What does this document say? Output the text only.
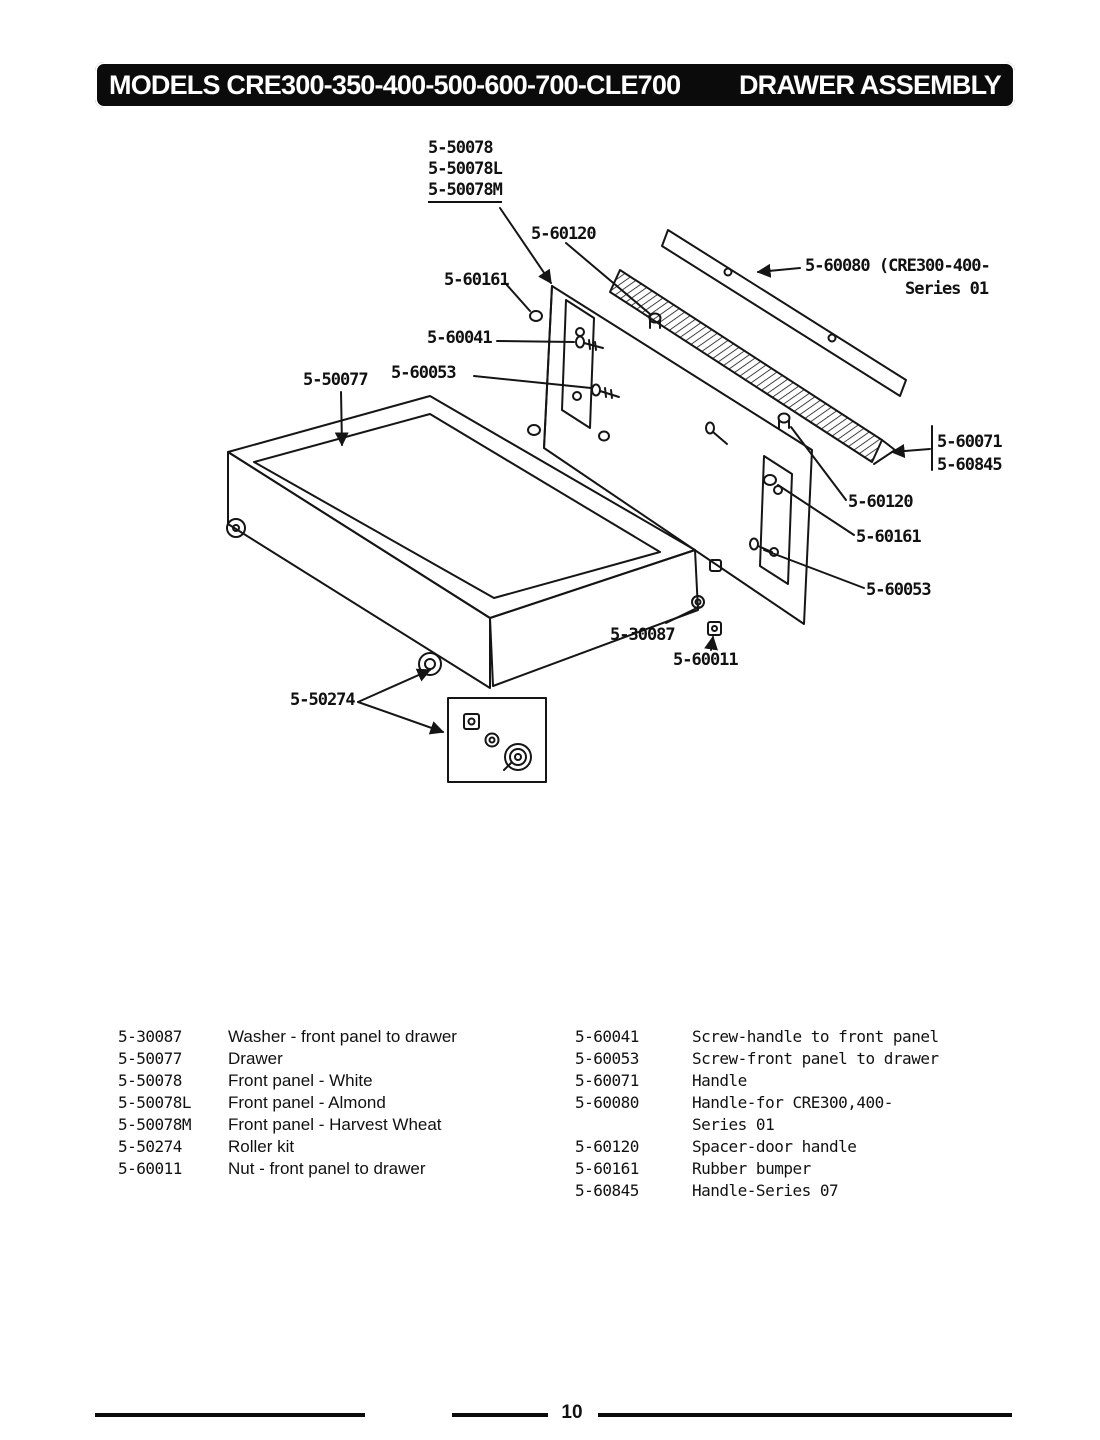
MODELS CRE300-350-400-500-600-700-CLE700 DRAWER ASSEMBLY
5-50078
5-50078L
5-50078M
5-60120
5-60080 (CRE300-400-
Series 01
5-60161
5-60041
5-50077 5-60053
5-60071
5-60845
5-60120
5-60161
5-60053
5-30087
5-60011
5-50274
5-30087	Washer - front panel to drawer
5-50077	Drawer
5-50078	Front panel - White
5-50078L	Front panel - Almond
5-50078M	Front panel - Harvest Wheat
5-50274	Roller kit
5-60011	Nut - front panel to drawer
5-60041	Screw-handle to front panel
5-60053	Screw-front panel to drawer
5-60071	Handle
5-60080	Handle-for CRE300,400-
Series 01
5-60120	Spacer-door handle
5-60161	Rubber bumper
5-60845	Handle-Series 07
10
